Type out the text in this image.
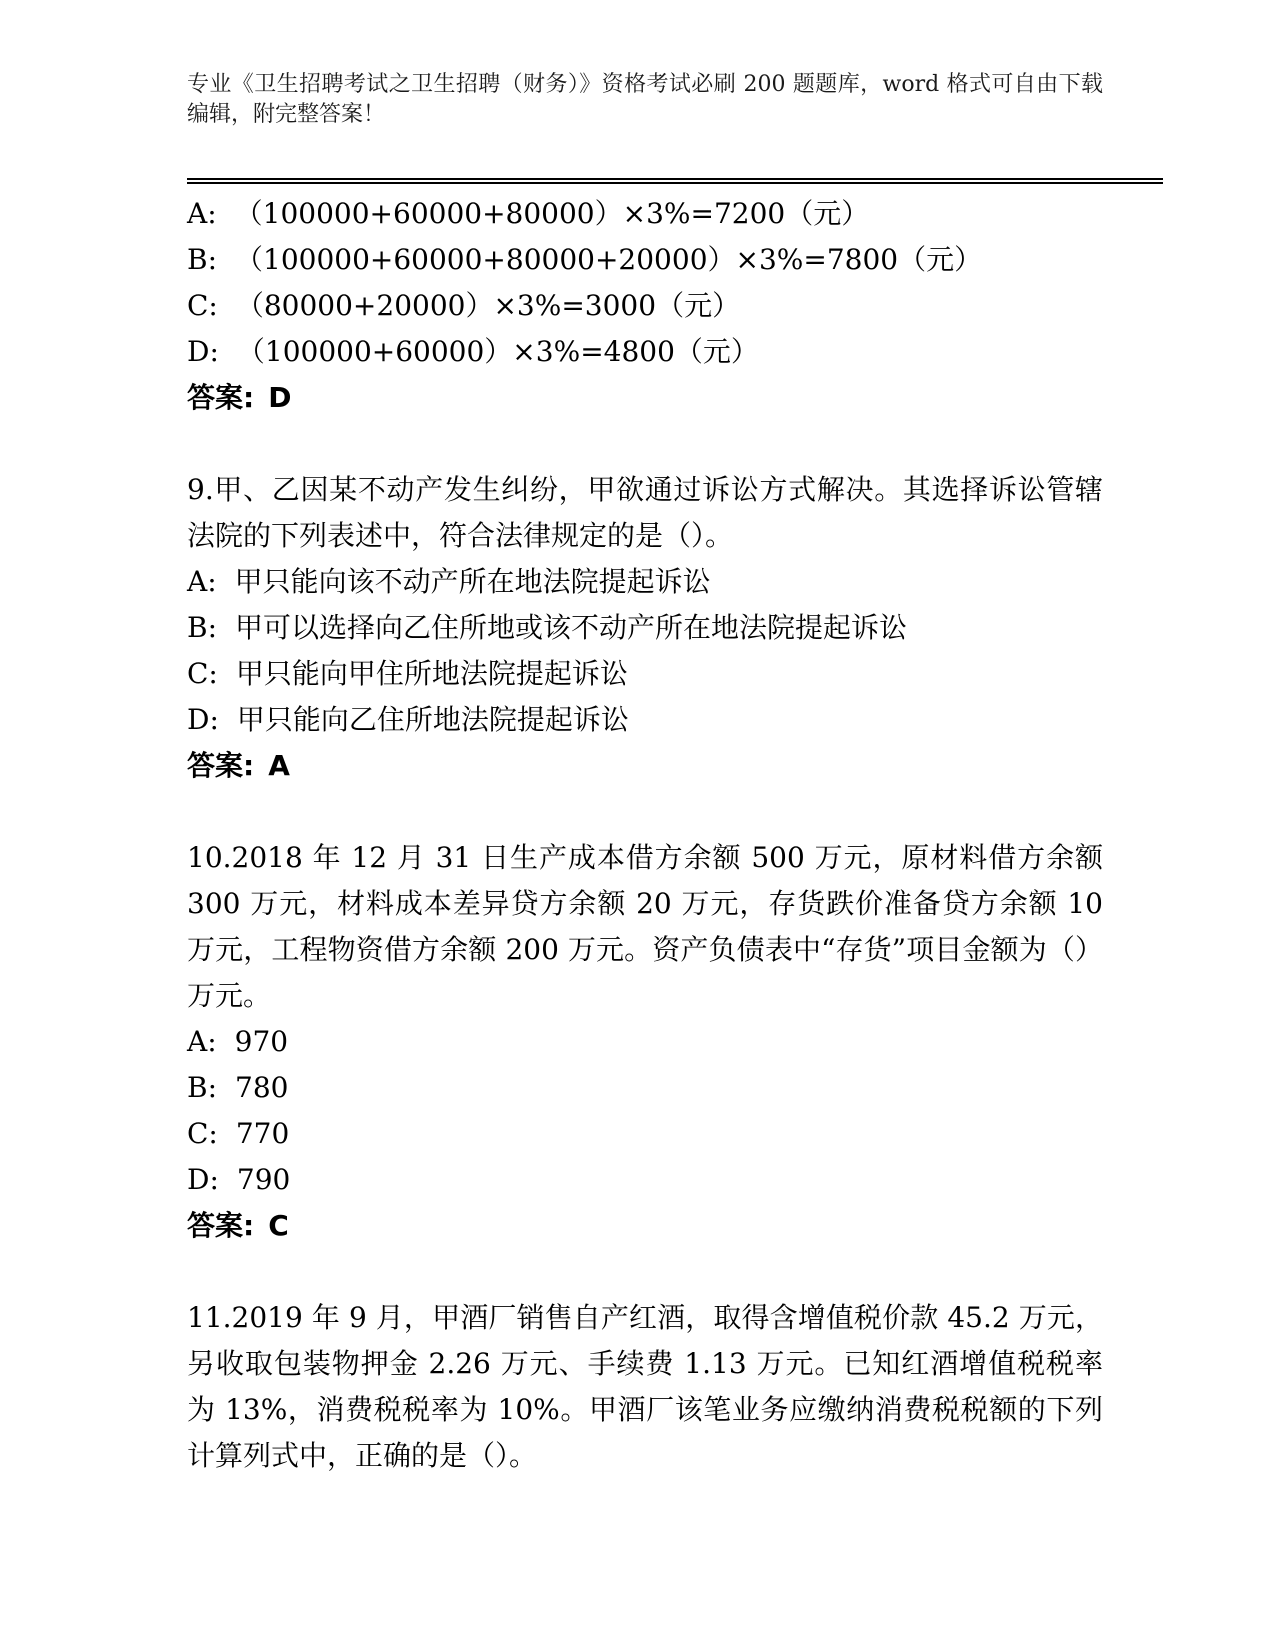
专业《卫生招聘考试之卫生招聘（财务）》资格考试必刷 200 题题库，word 格式可自由下载编辑，附完整答案！
A: （100000+60000+80000）×3%=7200（元）
B: （100000+60000+80000+20000）×3%=7800（元）
C: （80000+20000）×3%=3000（元）
D: （100000+60000）×3%=4800（元）
答案: D
9.甲、乙因某不动产发生纠纷，甲欲通过诉讼方式解决。其选择诉讼管辖法院的下列表述中，符合法律规定的是（）。
A: 甲只能向该不动产所在地法院提起诉讼
B: 甲可以选择向乙住所地或该不动产所在地法院提起诉讼
C: 甲只能向甲住所地法院提起诉讼
D: 甲只能向乙住所地法院提起诉讼
答案: A
10.2018 年 12 月 31 日生产成本借方余额 500 万元，原材料借方余额 300 万元，材料成本差异贷方余额 20 万元，存货跌价准备贷方余额 10 万元，工程物资借方余额 200 万元。资产负债表中“存货”项目金额为（）万元。
A: 970
B: 780
C: 770
D: 790
答案: C
11.2019 年 9 月，甲酒厂销售自产红酒，取得含增值税价款 45.2 万元，另收取包装物押金 2.26 万元、手续费 1.13 万元。已知红酒增值税税率为 13%，消费税税率为 10%。甲酒厂该笔业务应缴纳消费税税额的下列计算列式中，正确的是（）。
